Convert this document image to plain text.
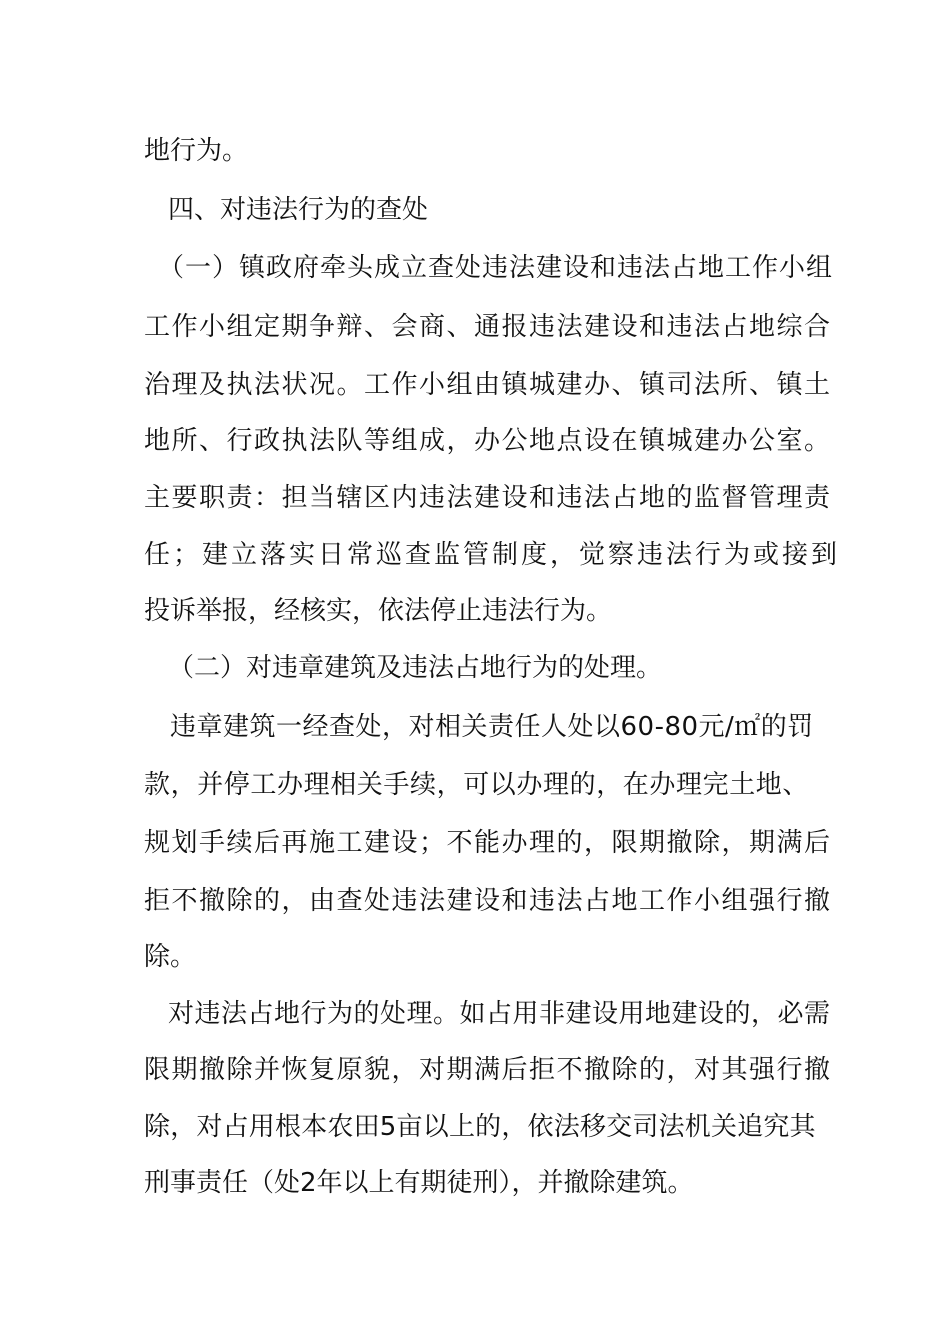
地行为。
四、对违法行为的查处
（一）镇政府牵头成立查处违法建设和违法占地工作小组
工作小组定期争辩、会商、通报违法建设和违法占地综合
治理及执法状况。工作小组由镇城建办、镇司法所、镇土
地所、行政执法队等组成，办公地点设在镇城建办公室。
主要职责：担当辖区内违法建设和违法占地的监督管理责
任；建立落实日常巡查监管制度，觉察违法行为或接到
投诉举报，经核实，依法停止违法行为。
（二）对违章建筑及违法占地行为的处理。
违章建筑一经查处，对相关责任人处以60-80元/㎡的罚
款，并停工办理相关手续，可以办理的，在办理完土地、
规划手续后再施工建设；不能办理的，限期撤除，期满后
拒不撤除的，由查处违法建设和违法占地工作小组强行撤
除。
对违法占地行为的处理。如占用非建设用地建设的，必需
限期撤除并恢复原貌，对期满后拒不撤除的，对其强行撤
除，对占用根本农田5亩以上的，依法移交司法机关追究其
刑事责任（处2年以上有期徒刑），并撤除建筑。
